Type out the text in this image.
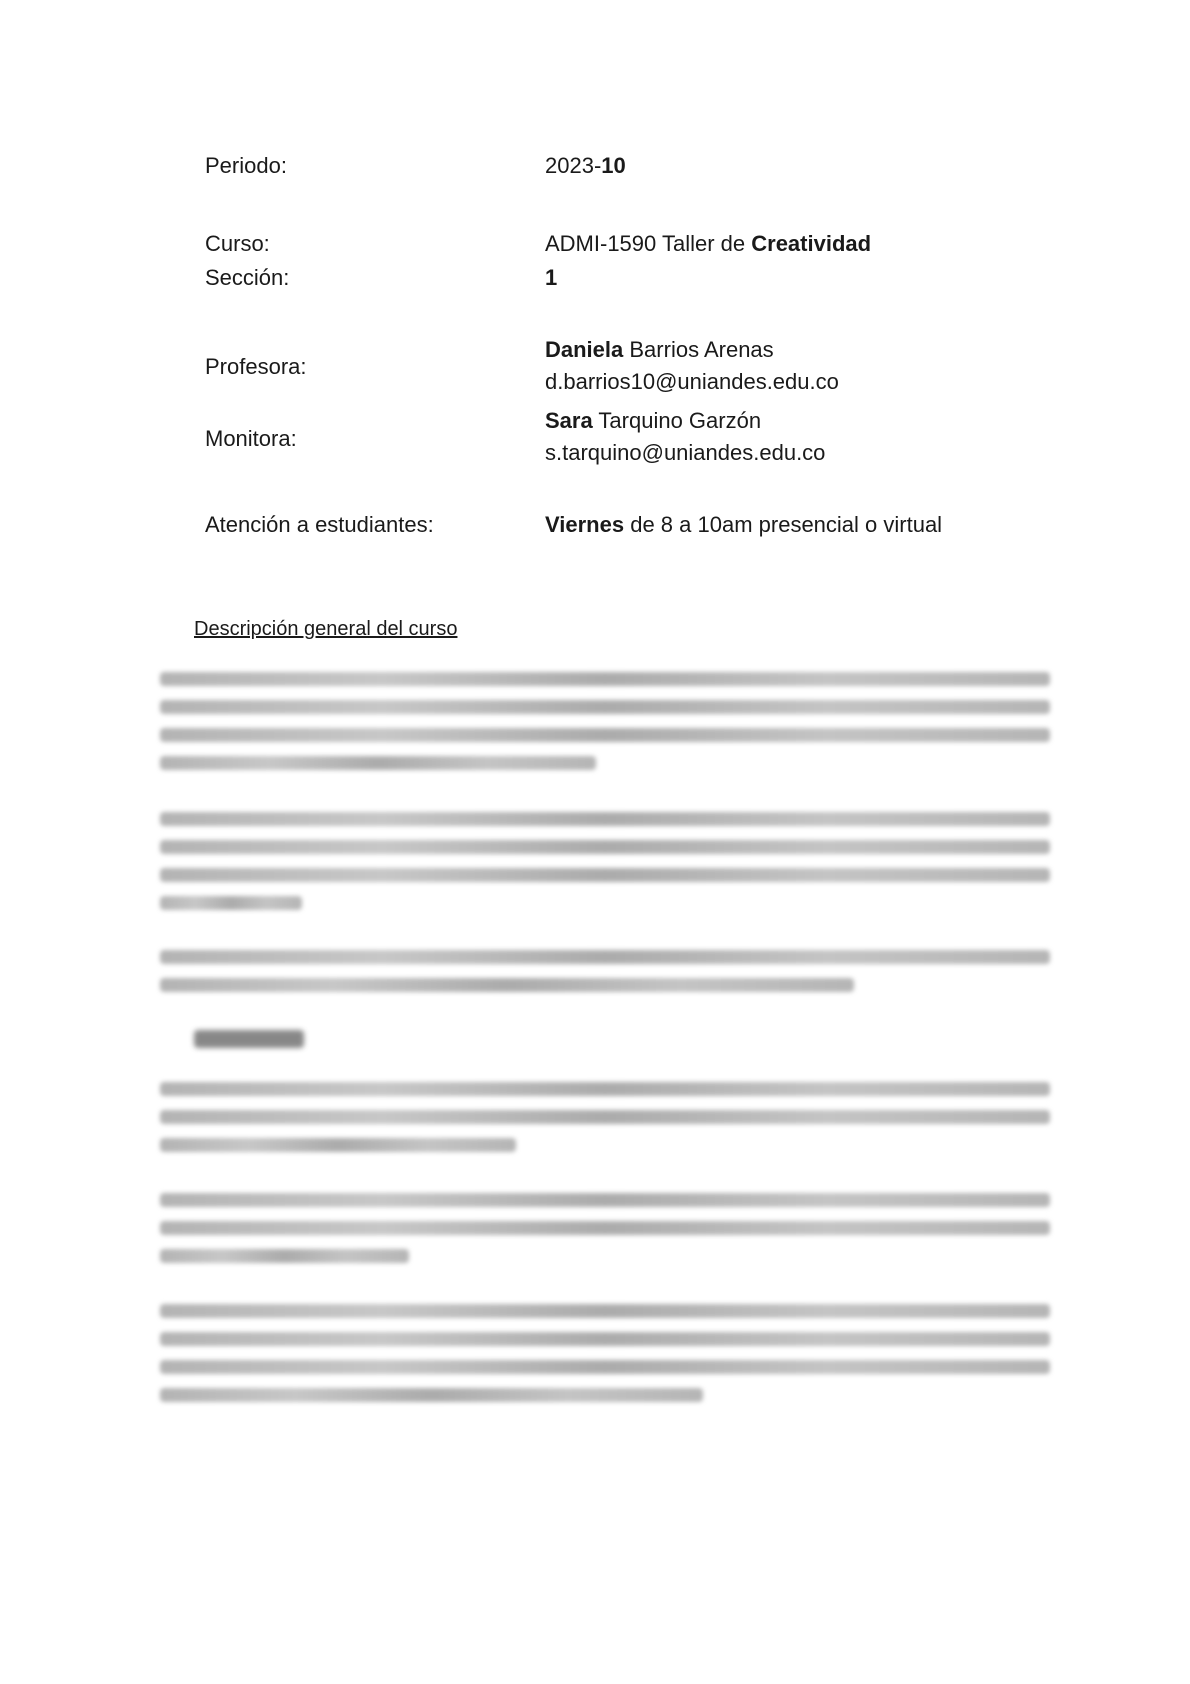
Periodo:	2023-10
Curso:	ADMI-1590 Taller de Creatividad
Sección:	1
Profesora:
Daniela Barrios Arenas
d.barrios10@uniandes.edu.co
Monitora:
Sara Tarquino Garzón
s.tarquino@uniandes.edu.co
Atención a estudiantes:	Viernes de 8 a 10am presencial o virtual
Descripción general del curso
